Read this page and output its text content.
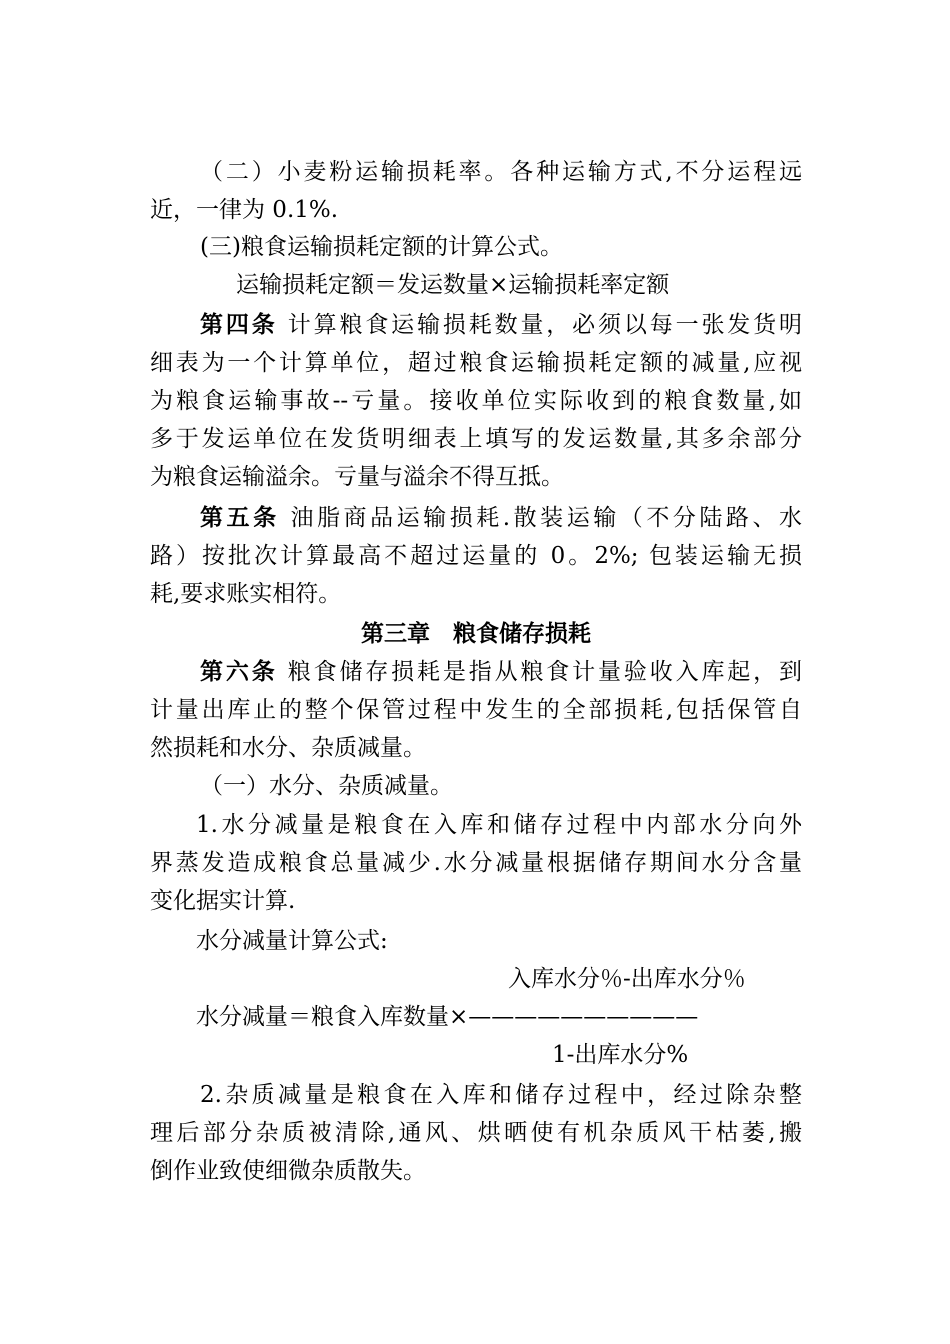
（二）小麦粉运输损耗率。各种运输方式,不分运程远
近，一律为 0.1%.
(三)粮食运输损耗定额的计算公式。
运输损耗定额＝发运数量×运输损耗率定额
第四条 计算粮食运输损耗数量，必须以每一张发货明
细表为一个计算单位，超过粮食运输损耗定额的减量,应视
为粮食运输事故--亏量。接收单位实际收到的粮食数量,如
多于发运单位在发货明细表上填写的发运数量,其多余部分
为粮食运输溢余。亏量与溢余不得互抵。
第五条 油脂商品运输损耗.散装运输（不分陆路、水
路）按批次计算最高不超过运量的 0。2%; 包装运输无损
耗,要求账实相符。
第三章　粮食储存损耗
第六条 粮食储存损耗是指从粮食计量验收入库起，到
计量出库止的整个保管过程中发生的全部损耗,包括保管自
然损耗和水分、杂质减量。
（一）水分、杂质减量。
1.水分减量是粮食在入库和储存过程中内部水分向外
界蒸发造成粮食总量减少.水分减量根据储存期间水分含量
变化据实计算.
水分减量计算公式:
入库水分％-出库水分％
水分减量＝粮食入库数量×——————————
1-出库水分%
2.杂质减量是粮食在入库和储存过程中，经过除杂整
理后部分杂质被清除,通风、烘晒使有机杂质风干枯萎,搬
倒作业致使细微杂质散失。
